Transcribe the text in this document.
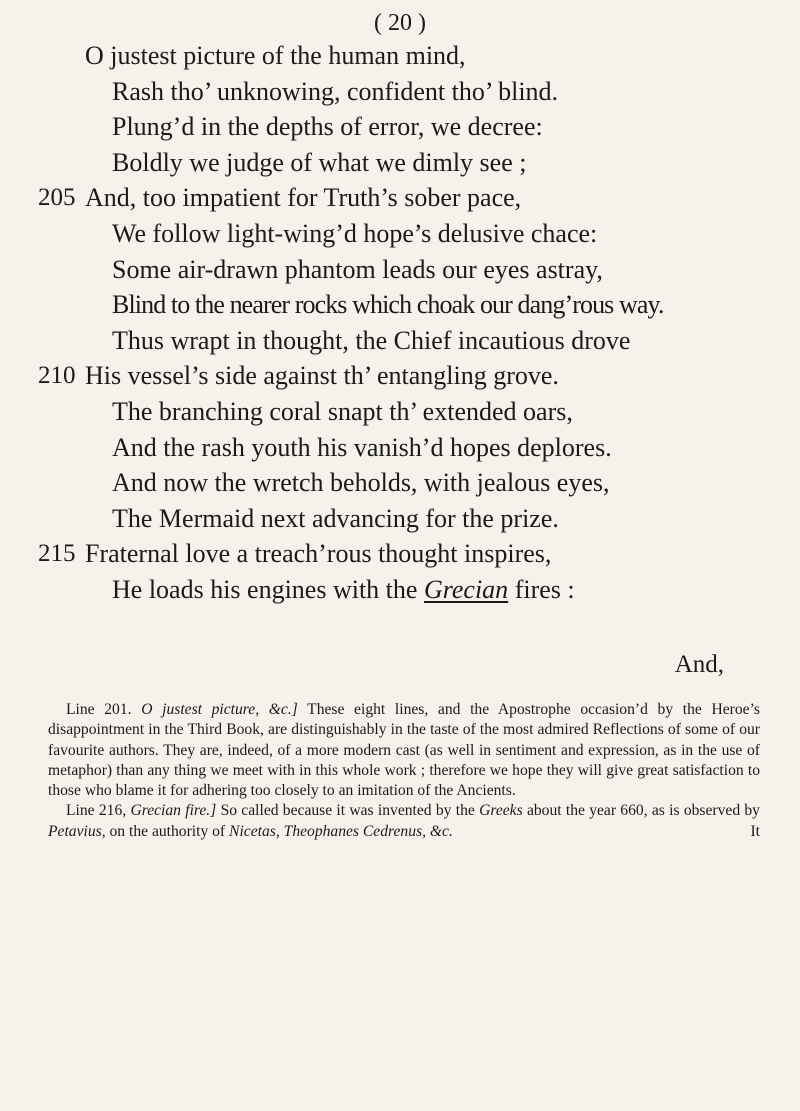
( 20 )
O justest picture of the human mind,
Rash tho’ unknowing, confident tho’ blind.
Plung’d in the depths of error, we decree:
Boldly we judge of what we dimly see ;
205 And, too impatient for Truth’s sober pace,
We follow light-wing’d hope’s delusive chace:
Some air-drawn phantom leads our eyes astray,
Blind to the nearer rocks which choak our dang’rous way.
Thus wrapt in thought, the Chief incautious drove
210 His vessel’s side against th’ entangling grove.
The branching coral snapt th’ extended oars,
And the rash youth his vanish’d hopes deplores.
And now the wretch beholds, with jealous eyes,
The Mermaid next advancing for the prize.
215 Fraternal love a treach’rous thought inspires,
He loads his engines with the Grecian fires :
And,

Line 201. O justest picture, &c.] These eight lines, and the Apostrophe occasion’d by the Heroe’s disappointment in the Third Book, are distinguishably in the taste of the most admired Reflections of some of our favourite authors. They are, indeed, of a more modern cast (as well in sentiment and expression, as in the use of metaphor) than any thing we meet with in this whole work ; therefore we hope they will give great satisfaction to those who blame it for adhering too closely to an imitation of the Ancients.

Line 216, Grecian fire.] So called because it was invented by the Greeks about the year 660, as is observed by Petavius, on the authority of Nicetas, Theophanes Cedrenus, &c.	It
